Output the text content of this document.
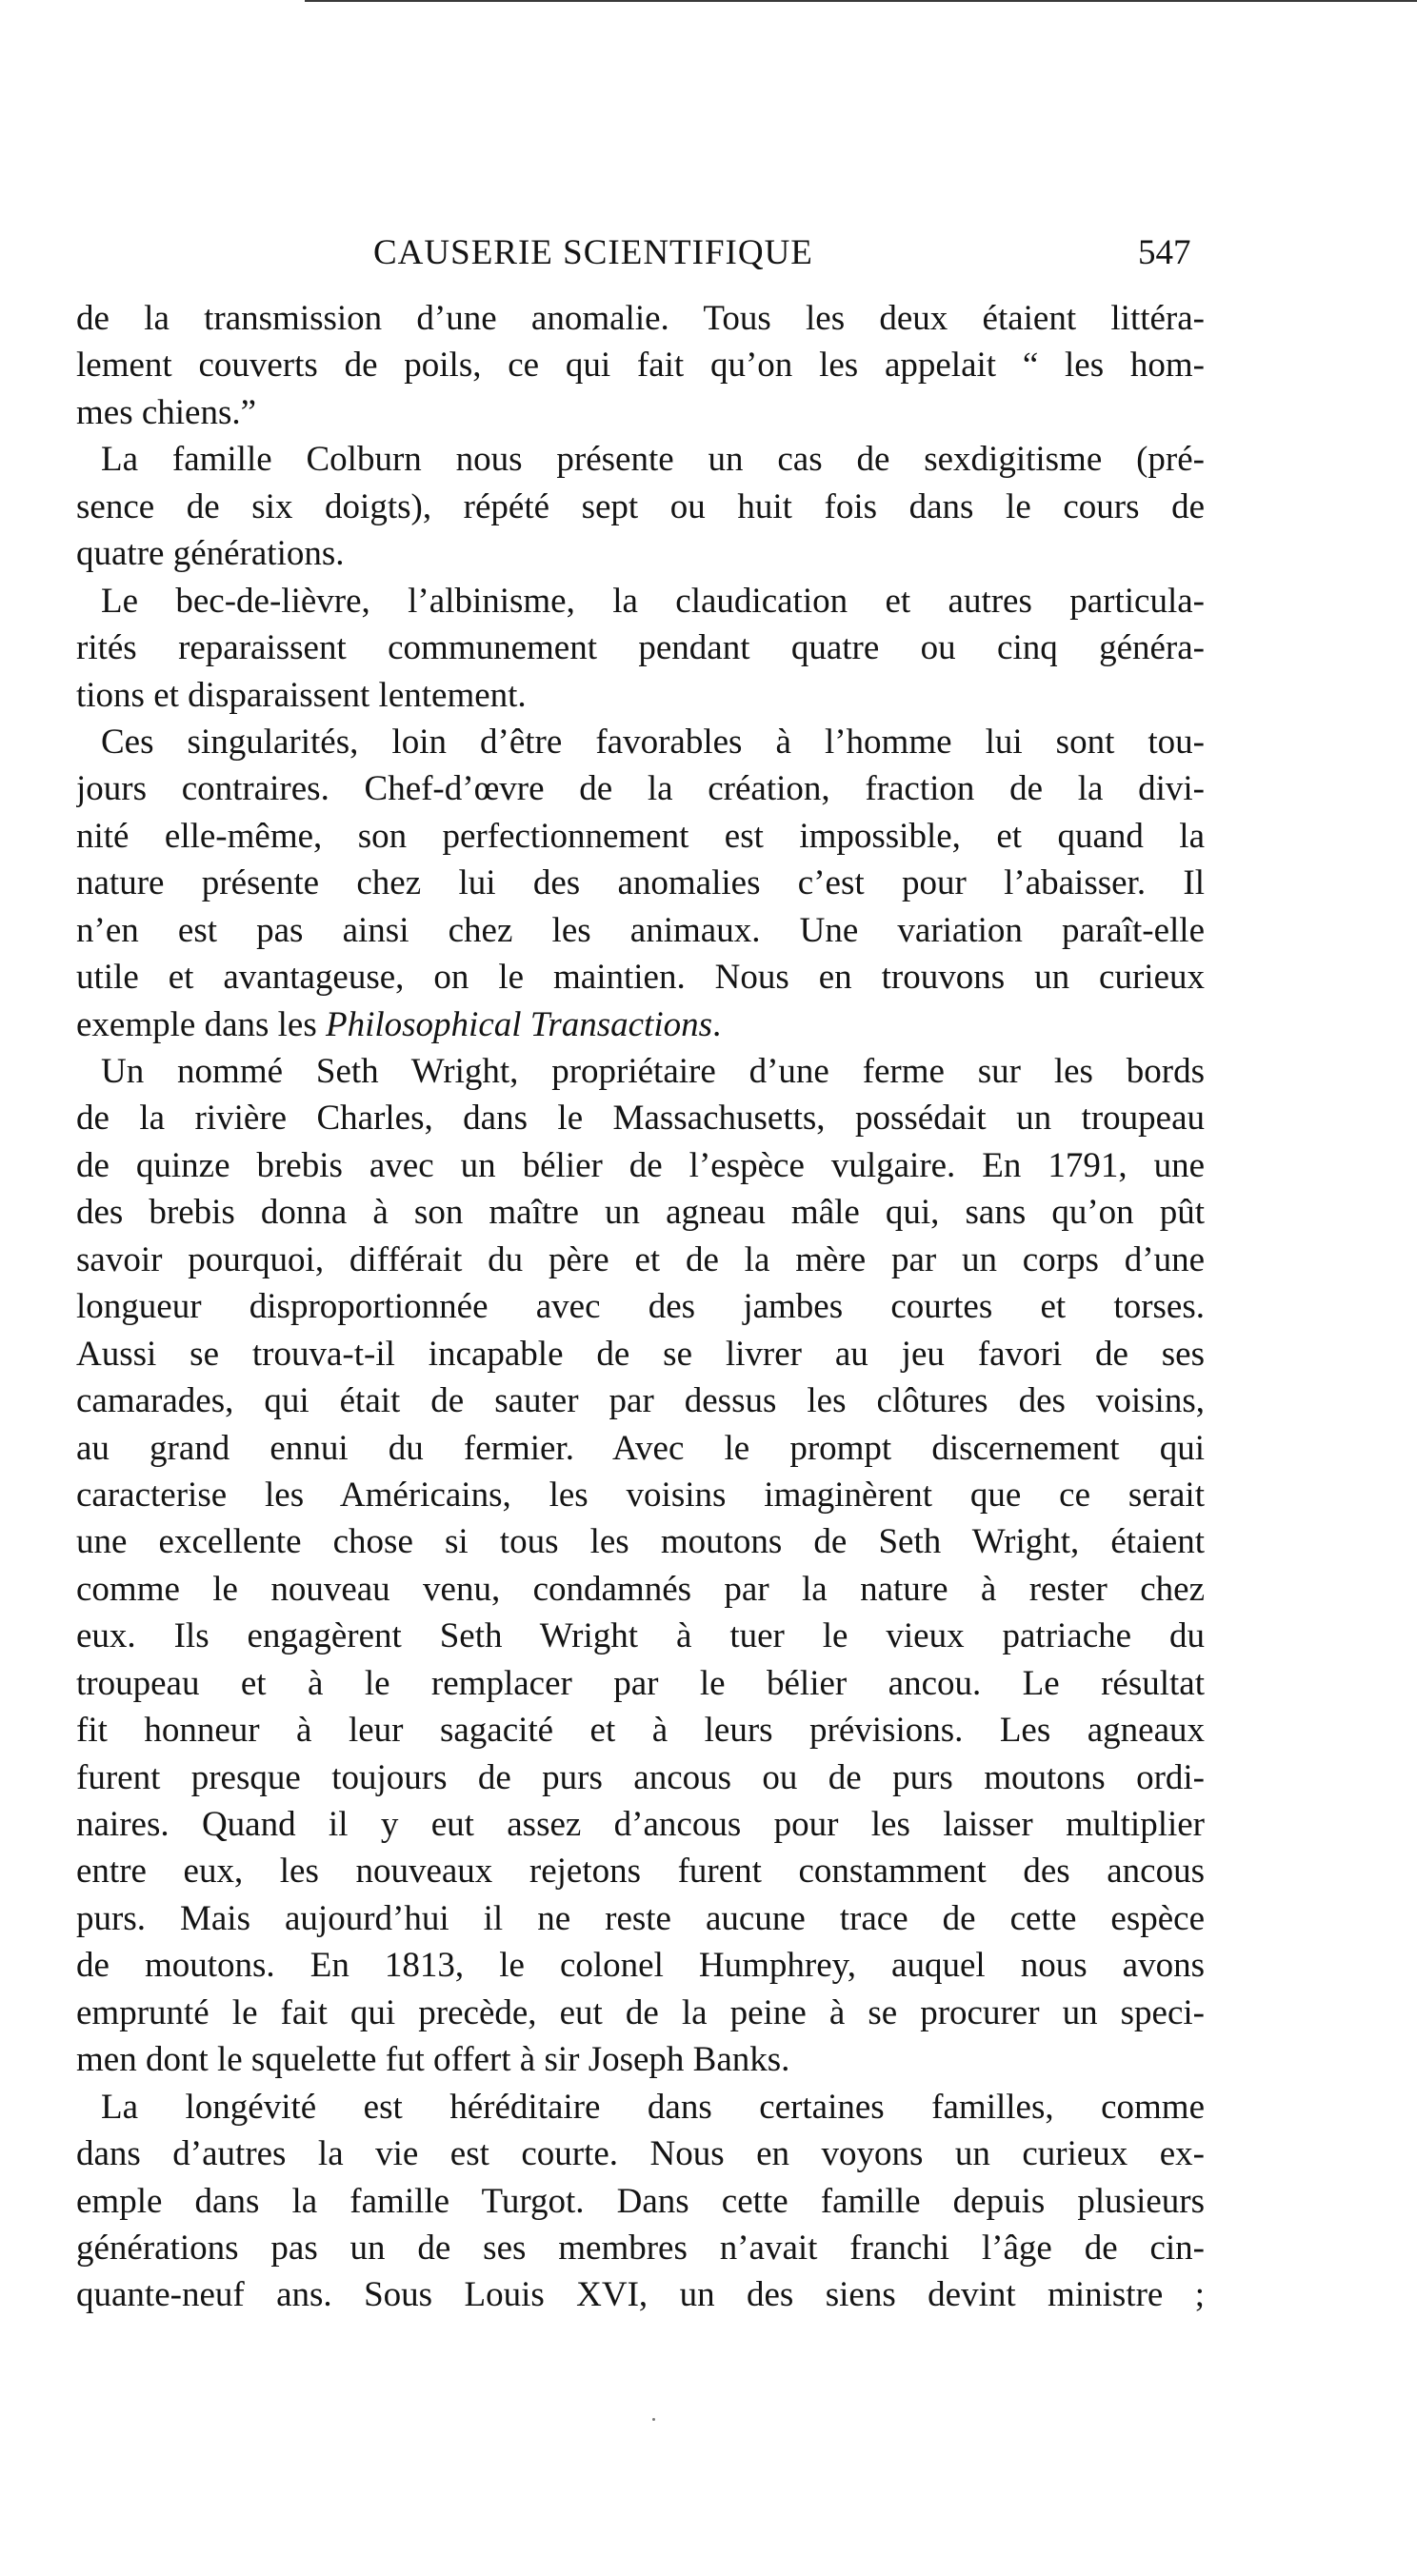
CAUSERIE SCIENTIFIQUE	547
de la transmission d’une anomalie. Tous les deux étaient littéra-
lement couverts de poils, ce qui fait qu’on les appelait “ les hom-
mes chiens.”
La famille Colburn nous présente un cas de sexdigitisme (pré-
sence de six doigts), répété sept ou huit fois dans le cours de
quatre générations.
Le bec-de-lièvre, l’albinisme, la claudication et autres particula-
rités reparaissent communement pendant quatre ou cinq généra-
tions et disparaissent lentement.
Ces singularités, loin d’être favorables à l’homme lui sont tou-
jours contraires. Chef-d’œvre de la création, fraction de la divi-
nité elle-même, son perfectionnement est impossible, et quand la
nature présente chez lui des anomalies c’est pour l’abaisser. Il
n’en est pas ainsi chez les animaux. Une variation paraît-elle
utile et avantageuse, on le maintien. Nous en trouvons un curieux
exemple dans les Philosophical Transactions.
Un nommé Seth Wright, propriétaire d’une ferme sur les bords
de la rivière Charles, dans le Massachusetts, possédait un troupeau
de quinze brebis avec un bélier de l’espèce vulgaire. En 1791, une
des brebis donna à son maître un agneau mâle qui, sans qu’on pût
savoir pourquoi, différait du père et de la mère par un corps d’une
longueur disproportionnée avec des jambes courtes et torses.
Aussi se trouva-t-il incapable de se livrer au jeu favori de ses
camarades, qui était de sauter par dessus les clôtures des voisins,
au grand ennui du fermier. Avec le prompt discernement qui
caracterise les Américains, les voisins imaginèrent que ce serait
une excellente chose si tous les moutons de Seth Wright, étaient
comme le nouveau venu, condamnés par la nature à rester chez
eux. Ils engagèrent Seth Wright à tuer le vieux patriache du
troupeau et à le remplacer par le bélier ancou. Le résultat
fit honneur à leur sagacité et à leurs prévisions. Les agneaux
furent presque toujours de purs ancous ou de purs moutons ordi-
naires. Quand il y eut assez d’ancous pour les laisser multiplier
entre eux, les nouveaux rejetons furent constamment des ancous
purs. Mais aujourd’hui il ne reste aucune trace de cette espèce
de moutons. En 1813, le colonel Humphrey, auquel nous avons
emprunté le fait qui precède, eut de la peine à se procurer un speci-
men dont le squelette fut offert à sir Joseph Banks.
La longévité est héréditaire dans certaines familles, comme
dans d’autres la vie est courte. Nous en voyons un curieux ex-
emple dans la famille Turgot. Dans cette famille depuis plusieurs
générations pas un de ses membres n’avait franchi l’âge de cin-
quante-neuf ans. Sous Louis XVI, un des siens devint ministre ;
